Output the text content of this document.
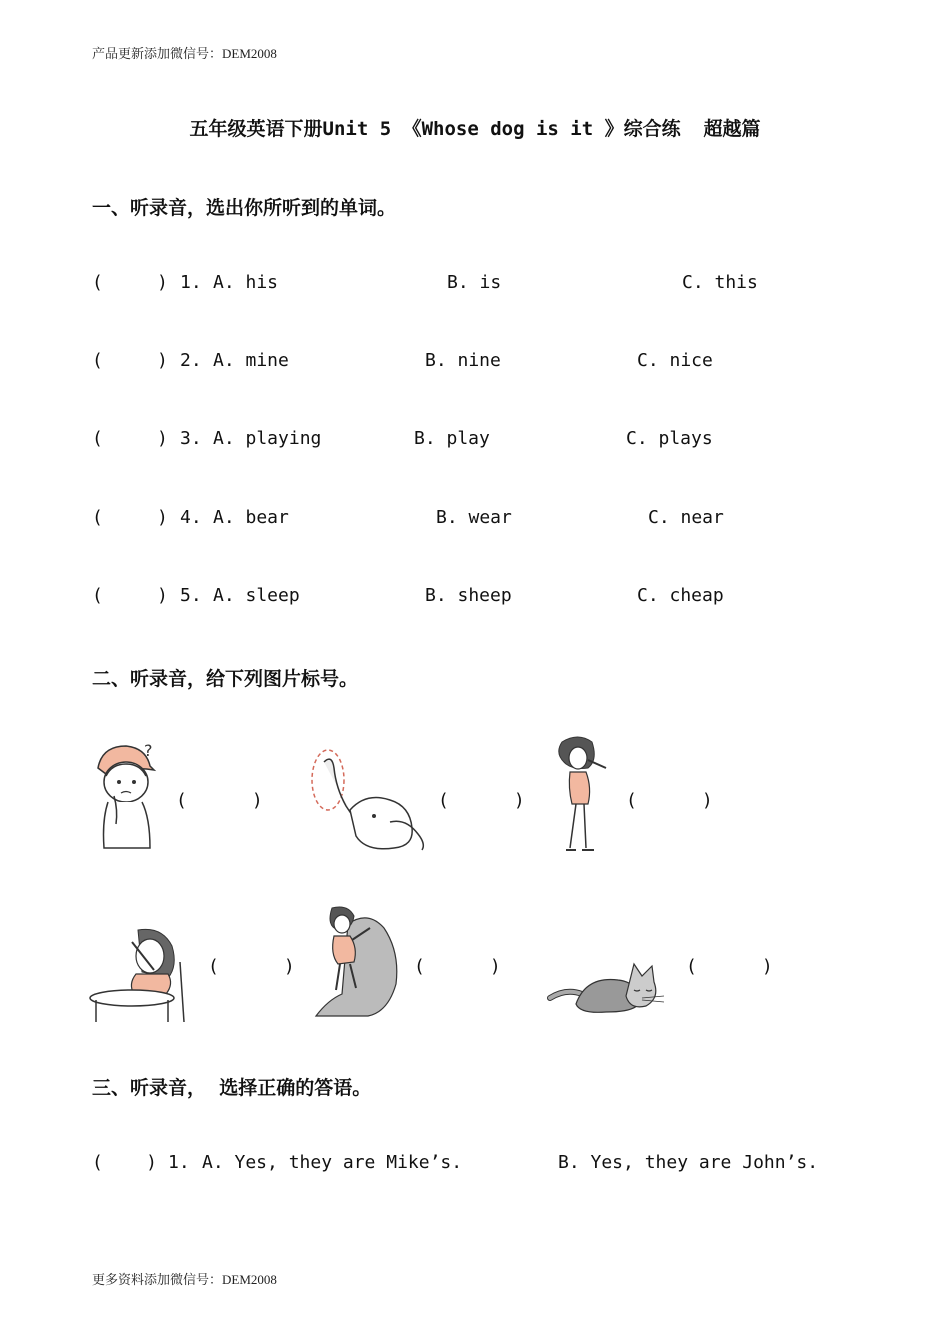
产品更新添加微信号：DEM2008
更多资料添加微信号：DEM2008
五年级英语下册Unit 5 《Whose dog is it 》综合练  超越篇
一、听录音，选出你所听到的单词。
(     ) 1. A. his	B. is	C. this
(     ) 2. A. mine	B. nine	C. nice
(     ) 3. A. playing	B. play	C. plays
(     ) 4. A. bear	B. wear	C. near
(     ) 5. A. sleep	B. sheep	C. cheap
二、听录音，给下列图片标号。
?
(      )	(      )	(      )
(      )	(      )	(      )
三、听录音，  选择正确的答语。
(    ) 1. A. Yes, they are Mike’s.	B. Yes, they are John’s.
